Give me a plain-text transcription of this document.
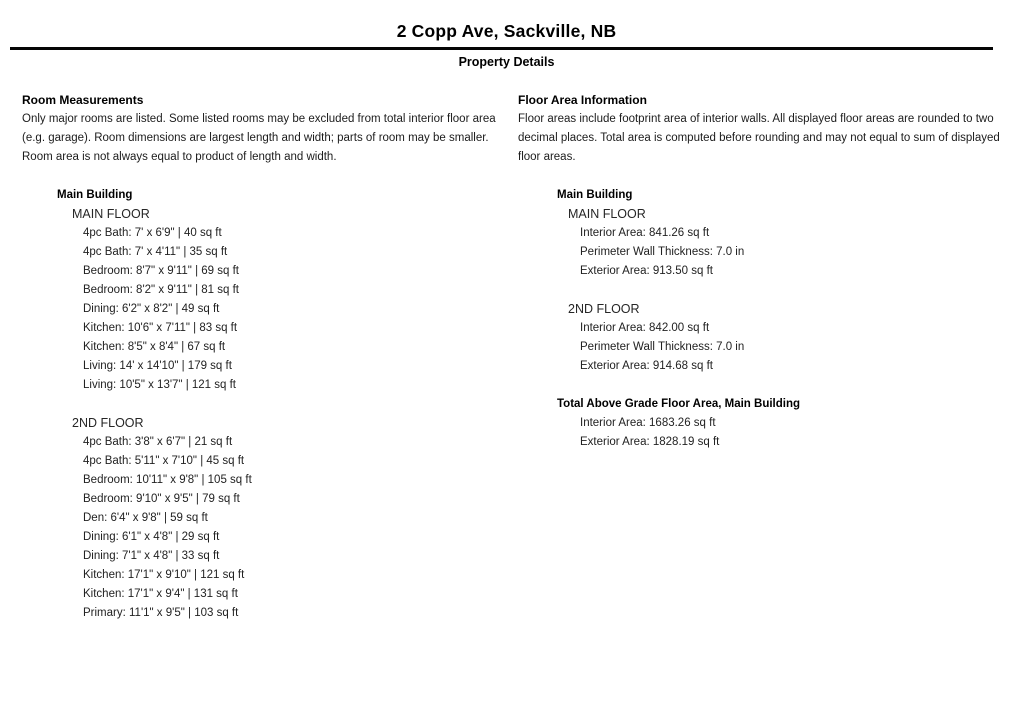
2 Copp Ave, Sackville, NB
Property Details
Room Measurements
Only major rooms are listed. Some listed rooms may be excluded from total interior floor area
(e.g. garage). Room dimensions are largest length and width; parts of room may be smaller.
Room area is not always equal to product of length and width.
Main Building
MAIN FLOOR
4pc Bath: 7' x 6'9" | 40 sq ft
4pc Bath: 7' x 4'11" | 35 sq ft
Bedroom: 8'7" x 9'11" | 69 sq ft
Bedroom: 8'2" x 9'11" | 81 sq ft
Dining: 6'2" x 8'2" | 49 sq ft
Kitchen: 10'6" x 7'11" | 83 sq ft
Kitchen: 8'5" x 8'4" | 67 sq ft
Living: 14' x 14'10" | 179 sq ft
Living: 10'5" x 13'7" | 121 sq ft
2ND FLOOR
4pc Bath: 3'8" x 6'7" | 21 sq ft
4pc Bath: 5'11" x 7'10" | 45 sq ft
Bedroom: 10'11" x 9'8" | 105 sq ft
Bedroom: 9'10" x 9'5" | 79 sq ft
Den: 6'4" x 9'8" | 59 sq ft
Dining: 6'1" x 4'8" | 29 sq ft
Dining: 7'1" x 4'8" | 33 sq ft
Kitchen: 17'1" x 9'10" | 121 sq ft
Kitchen: 17'1" x 9'4" | 131 sq ft
Primary: 11'1" x 9'5" | 103 sq ft
Floor Area Information
Floor areas include footprint area of interior walls. All displayed floor areas are rounded to two
decimal places. Total area is computed before rounding and may not equal to sum of displayed
floor areas.
Main Building
MAIN FLOOR
Interior Area: 841.26 sq ft
Perimeter Wall Thickness: 7.0 in
Exterior Area: 913.50 sq ft
2ND FLOOR
Interior Area: 842.00 sq ft
Perimeter Wall Thickness: 7.0 in
Exterior Area: 914.68 sq ft
Total Above Grade Floor Area, Main Building
Interior Area: 1683.26 sq ft
Exterior Area: 1828.19 sq ft
